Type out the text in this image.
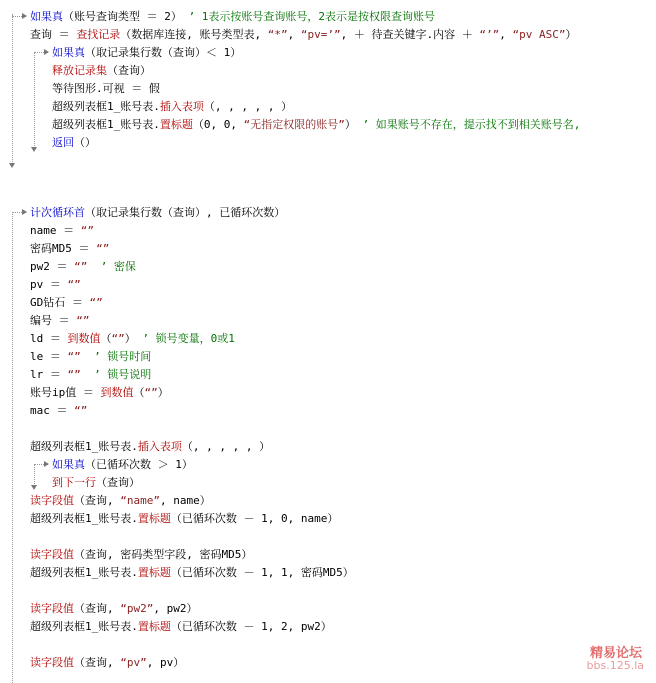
如果真（账号查询类型 ＝ 2） ’ 1表示按账号查询账号，2表示是按权限查询账号
查询 ＝ 查找记录（数据库连接, 账号类型表, “*”, “pv=’”, ＋ 待查关键字.内容 ＋ “’”, “pv ASC”）
如果真（取记录集行数（查询）＜ 1）
释放记录集（查询）
等待图形.可视 ＝ 假
超级列表框1_账号表.插入表项（, , , , , ）
超级列表框1_账号表.置标题（0, 0, “无指定权限的账号”） ’ 如果账号不存在，提示找不到相关账号名,
返回（）
计次循环首（取记录集行数（查询）, 已循环次数）
name ＝ “”
密码MD5 ＝ “”
pw2 ＝ “” ’ 密保
pv ＝ “”
GD钻石 ＝ “”
编号 ＝ “”
ld ＝ 到数值（“”） ’ 锁号变量，0或1
le ＝ “” ’ 锁号时间
lr ＝ “” ’ 锁号说明
账号ip值 ＝ 到数值（“”）
mac ＝ “”
超级列表框1_账号表.插入表项（, , , , , ）
如果真（已循环次数 ＞ 1）
到下一行（查询）
读字段值（查询, “name”, name）
超级列表框1_账号表.置标题（已循环次数 － 1, 0, name）
读字段值（查询, 密码类型字段, 密码MD5）
超级列表框1_账号表.置标题（已循环次数 － 1, 1, 密码MD5）
读字段值（查询, “pw2”, pw2）
超级列表框1_账号表.置标题（已循环次数 － 1, 2, pw2）
读字段值（查询, “pv”, pv）
精易论坛
bbs.125.la
